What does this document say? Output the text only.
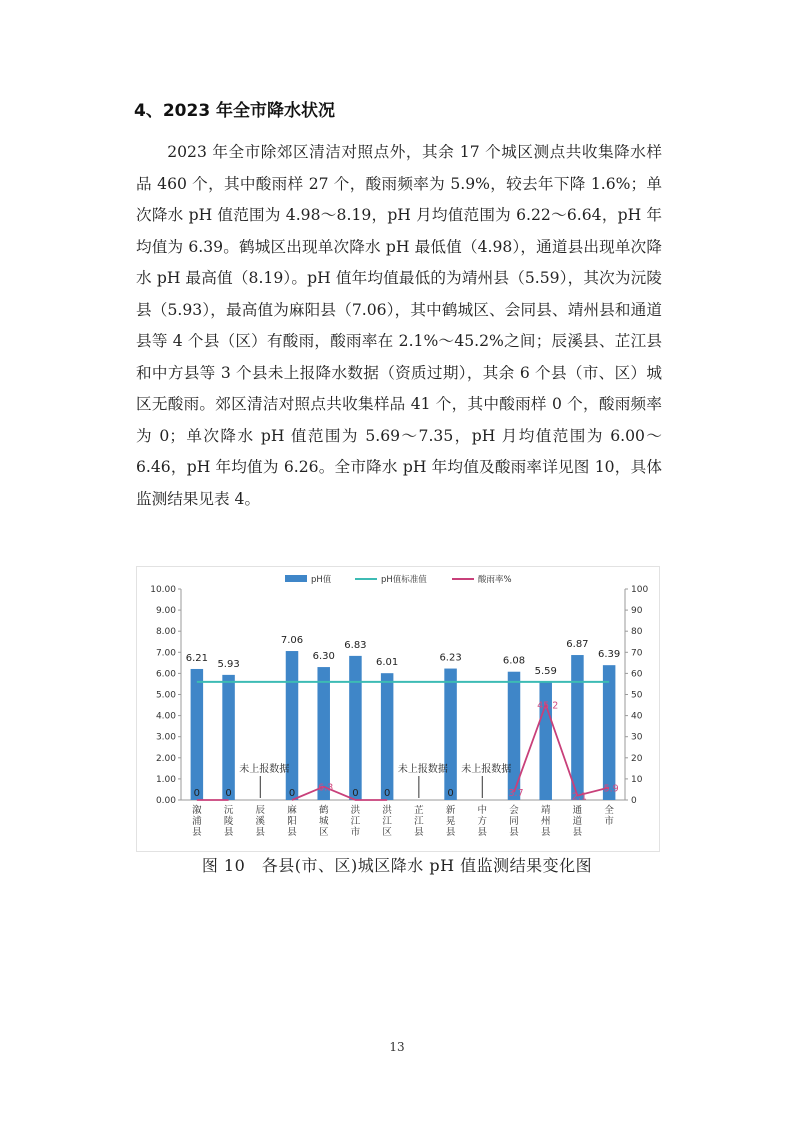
4、2023 年全市降水状况

2023 年全市除郊区清洁对照点外，其余 17 个城区测点共收集降水样品 460 个，其中酸雨样 27 个，酸雨频率为 5.9%，较去年下降 1.6%；单次降水 pH 值范围为 4.98～8.19，pH 月均值范围为 6.22～6.64，pH 年均值为 6.39。鹤城区出现单次降水 pH 最低值（4.98），通道县出现单次降水 pH 最高值（8.19）。pH 值年均值最低的为靖州县（5.59），其次为沅陵县（5.93），最高值为麻阳县（7.06），其中鹤城区、会同县、靖州县和通道县等 4 个县（区）有酸雨，酸雨率在 2.1%～45.2%之间；辰溪县、芷江县和中方县等 3 个县未上报降水数据（资质过期），其余 6 个县（市、区）城区无酸雨。郊区清洁对照点共收集样品 41 个，其中酸雨样 0 个，酸雨频率为 0；单次降水 pH 值范围为 5.69～7.35，pH 月均值范围为 6.00～6.46，pH 年均值为 6.26。全市降水 pH 年均值及酸雨率详见图 10，具体监测结果见表 4。

0.00
1.00
2.00
3.00
4.00
5.00
6.00
7.00
8.00
9.00
10.00
0
10
20
30
40
50
60
70
80
90
100
pH值	pH值标准值	酸雨率%
6.21
5.93
7.06
6.30
6.83
6.01	6.23	6.08
5.59
6.87
6.39
0	0	0 6.3 0	0	0	3.7
45.2
2.1
5.9
未上报数据	未上报数据 未上报数据
溆
浦
县
沅
陵
县
辰
溪
县
麻
阳
县
鹤
城
区
洪
江
市
洪
江
区
芷
江
县
新
晃
县
中
方
县
会
同
县
靖
州
县
通
道
县
全
市
图 10　各县(市、区)城区降水 pH 值监测结果变化图
13
